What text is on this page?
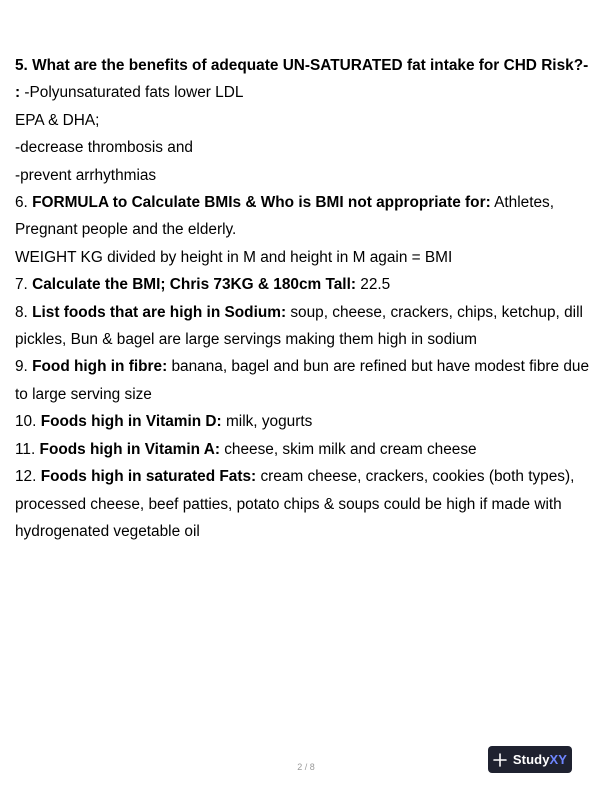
5. What are the benefits of adequate UN-SATURATED fat intake for CHD Risk?-
: -Polyunsaturated fats lower LDL

EPA & DHA;

-decrease thrombosis and

-prevent arrhythmias

6. FORMULA to Calculate BMIs & Who is BMI not appropriate for: Athletes, Pregnant people and the elderly.

WEIGHT KG divided by height in M and height in M again = BMI

7. Calculate the BMI; Chris 73KG & 180cm Tall: 22.5

8. List foods that are high in Sodium: soup, cheese, crackers, chips, ketchup, dill pickles, Bun & bagel are large servings making them high in sodium

9. Food high in fibre: banana, bagel and bun are refined but have modest fibre due to large serving size

10. Foods high in Vitamin D: milk, yogurts

11. Foods high in Vitamin A: cheese, skim milk and cream cheese

12. Foods high in saturated Fats: cream cheese, crackers, cookies (both types), processed cheese, beef patties, potato chips & soups could be high if made with hydrogenated vegetable oil

2 / 8	StudyXY
